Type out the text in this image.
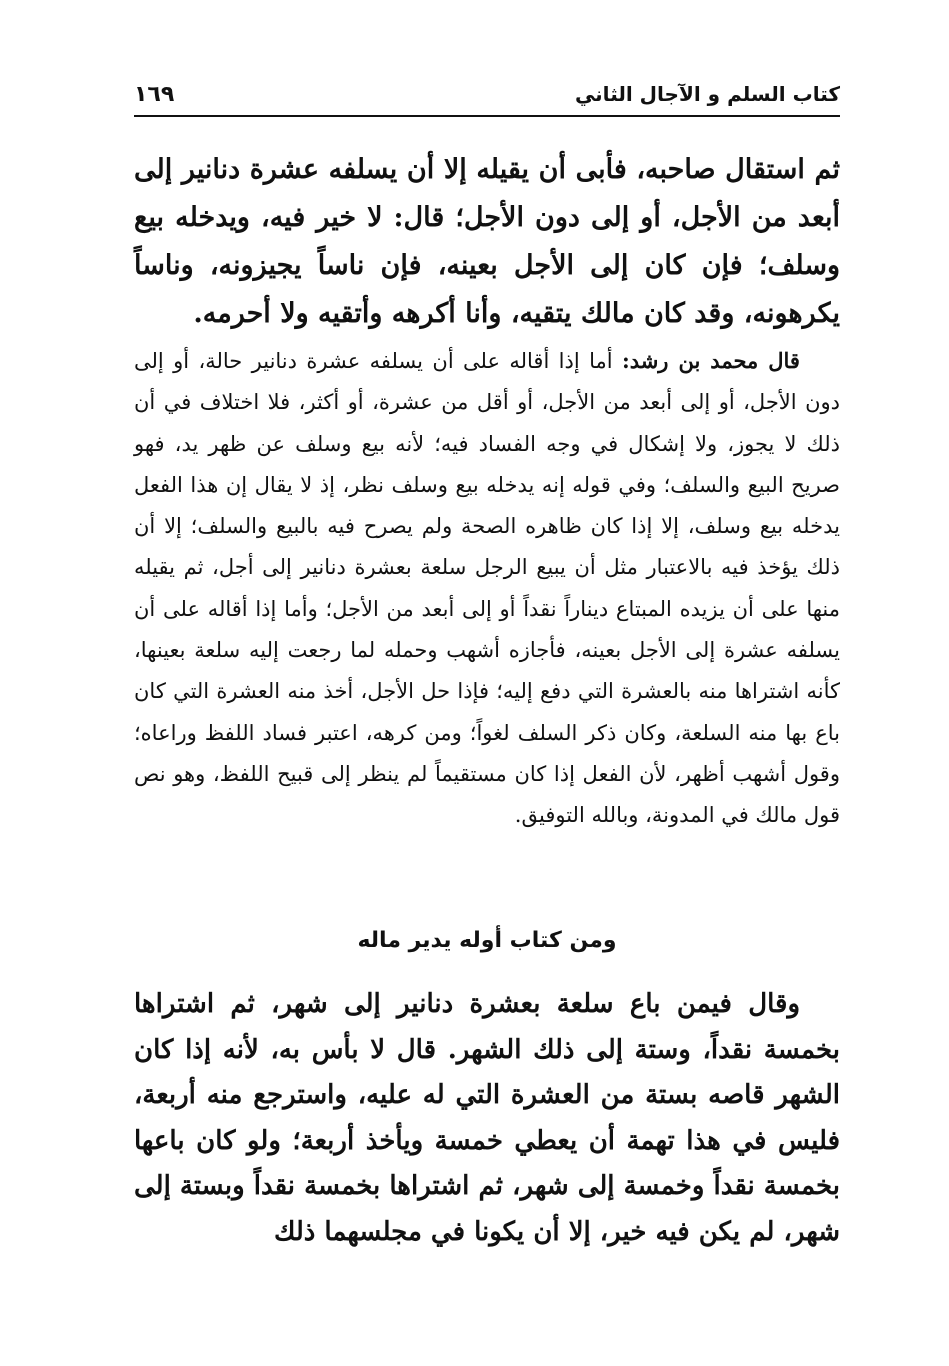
كتاب السلم و الآجال الثاني
١٦٩

ثم استقال صاحبه، فأبى أن يقيله إلا أن يسلفه عشرة دنانير إلى أبعد من الأجل، أو إلى دون الأجل؛ قال: لا خير فيه، ويدخله بيع وسلف؛ فإن كان إلى الأجل بعينه، فإن ناساً يجيزونه، وناساً يكرهونه، وقد كان مالك يتقيه، وأنا أكرهه وأتقيه ولا أحرمه.

قال محمد بن رشد: أما إذا أقاله على أن يسلفه عشرة دنانير حالة، أو إلى دون الأجل، أو إلى أبعد من الأجل، أو أقل من عشرة، أو أكثر، فلا اختلاف في أن ذلك لا يجوز، ولا إشكال في وجه الفساد فيه؛ لأنه بيع وسلف عن ظهر يد، فهو صريح البيع والسلف؛ وفي قوله إنه يدخله بيع وسلف نظر، إذ لا يقال إن هذا الفعل يدخله بيع وسلف، إلا إذا كان ظاهره الصحة ولم يصرح فيه بالبيع والسلف؛ إلا أن ذلك يؤخذ فيه بالاعتبار مثل أن يبيع الرجل سلعة بعشرة دنانير إلى أجل، ثم يقيله منها على أن يزيده المبتاع ديناراً نقداً أو إلى أبعد من الأجل؛ وأما إذا أقاله على أن يسلفه عشرة إلى الأجل بعينه، فأجازه أشهب وحمله لما رجعت إليه سلعة بعينها، كأنه اشتراها منه بالعشرة التي دفع إليه؛ فإذا حل الأجل، أخذ منه العشرة التي كان باع بها منه السلعة، وكان ذكر السلف لغواً؛ ومن كرهه، اعتبر فساد اللفظ وراعاه؛ وقول أشهب أظهر، لأن الفعل إذا كان مستقيماً لم ينظر إلى قبيح اللفظ، وهو نص قول مالك في المدونة، وبالله التوفيق.

ومن كتاب أوله يدير ماله

وقال فيمن باع سلعة بعشرة دنانير إلى شهر، ثم اشتراها بخمسة نقداً، وستة إلى ذلك الشهر. قال لا بأس به، لأنه إذا كان الشهر قاصه بستة من العشرة التي له عليه، واسترجع منه أربعة، فليس في هذا تهمة أن يعطي خمسة ويأخذ أربعة؛ ولو كان باعها بخمسة نقداً وخمسة إلى شهر، ثم اشتراها بخمسة نقداً وبستة إلى شهر، لم يكن فيه خير، إلا أن يكونا في مجلسهما ذلك
